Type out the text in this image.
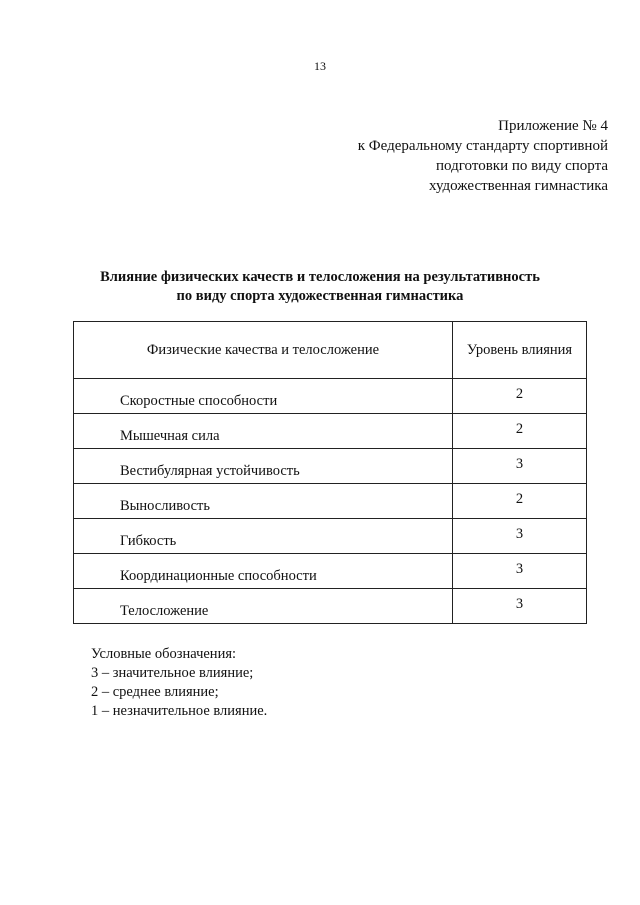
13
Приложение № 4
к Федеральному стандарту спортивной
подготовки по виду спорта
художественная гимнастика
Влияние физических качеств и телосложения на результативность
по виду спорта художественная гимнастика
Физические качества и телосложение	Уровень влияния

Скоростные способности	2

Мышечная сила	2

Вестибулярная устойчивость	3

Выносливость	2

Гибкость	3

Координационные способности	3

Телосложение	3
Условные обозначения:
3 – значительное влияние;
2 – среднее влияние;
1 – незначительное влияние.
